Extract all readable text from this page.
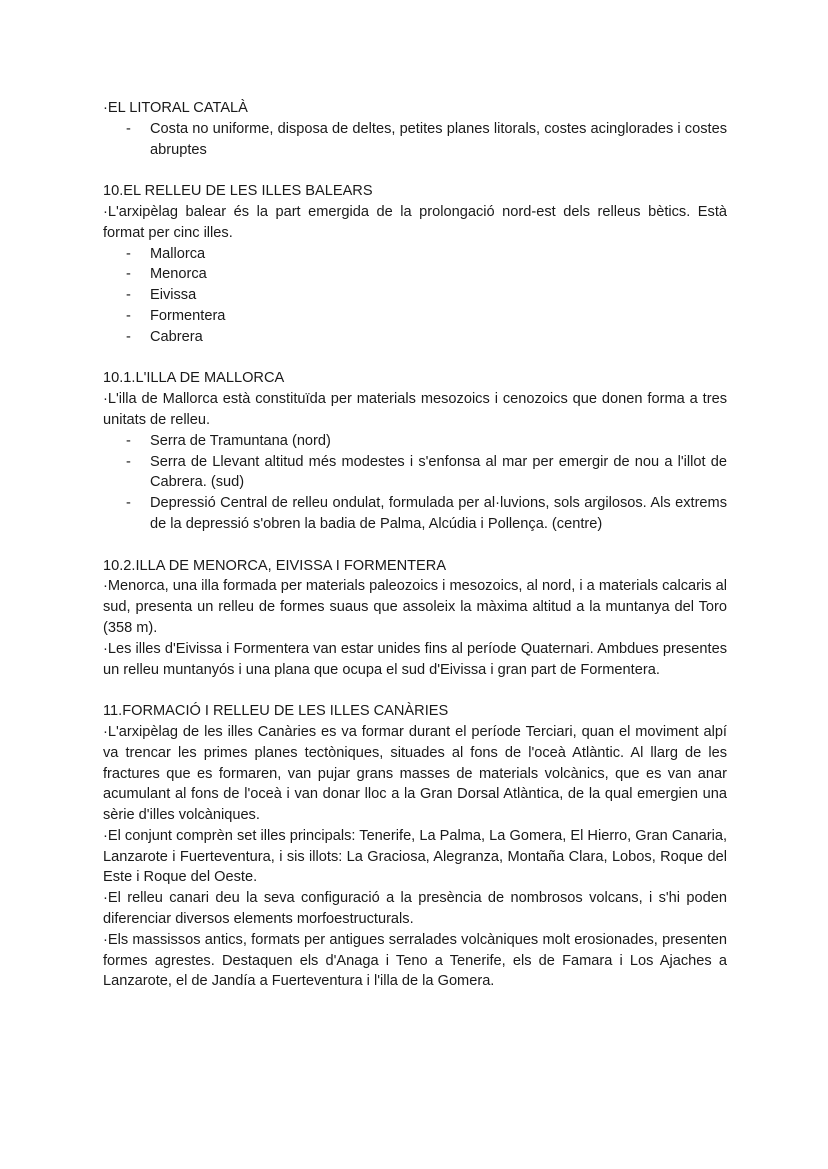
·EL LITORAL CATALÀ
- Costa no uniforme, disposa de deltes, petites planes litorals, costes acinglorades i costes abruptes
10.EL RELLEU DE LES ILLES BALEARS

·L'arxipèlag balear és la part emergida de la prolongació nord-est dels relleus bètics. Està format per cinc illes.

- Mallorca
- Menorca
- Eivissa
- Formentera
- Cabrera
10.1.L'ILLA DE MALLORCA

·L'illa de Mallorca està constituïda per materials mesozoics i cenozoics que donen forma a tres unitats de relleu.

- Serra de Tramuntana (nord)
- Serra de Llevant altitud més modestes i s'enfonsa al mar per emergir de nou a l'illot de Cabrera. (sud)
- Depressió Central de relleu ondulat, formulada per al·luvions, sols argilosos. Als extrems de la depressió s'obren la badia de Palma, Alcúdia i Pollença. (centre)
10.2.ILLA DE MENORCA, EIVISSA I FORMENTERA

·Menorca, una illa formada per materials paleozoics i mesozoics, al nord, i a materials calcaris al sud, presenta un relleu de formes suaus que assoleix la màxima altitud a la muntanya del Toro (358 m).

·Les illes d'Eivissa i Formentera van estar unides fins al període Quaternari. Ambdues presentes un relleu muntanyós i una plana que ocupa el sud d'Eivissa i gran part de Formentera.

11.FORMACIÓ I RELLEU DE LES ILLES CANÀRIES

·L'arxipèlag de les illes Canàries es va formar durant el període Terciari, quan el moviment alpí va trencar les primes planes tectòniques, situades al fons de l'oceà Atlàntic. Al llarg de les fractures que es formaren, van pujar grans masses de materials volcànics, que es van anar acumulant al fons de l'oceà i van donar lloc a la Gran Dorsal Atlàntica, de la qual emergien una sèrie d'illes volcàniques.

·El conjunt comprèn set illes principals: Tenerife, La Palma, La Gomera, El Hierro, Gran Canaria, Lanzarote i Fuerteventura, i sis illots: La Graciosa, Alegranza, Montaña Clara, Lobos, Roque del Este i Roque del Oeste.

·El relleu canari deu la seva configuració a la presència de nombrosos volcans, i s'hi poden diferenciar diversos elements morfoestructurals.

·Els massissos antics, formats per antigues serralades volcàniques molt erosionades, presenten formes agrestes. Destaquen els d'Anaga i Teno a Tenerife, els de Famara i Los Ajaches a Lanzarote, el de Jandía a Fuerteventura i l'illa de la Gomera.
